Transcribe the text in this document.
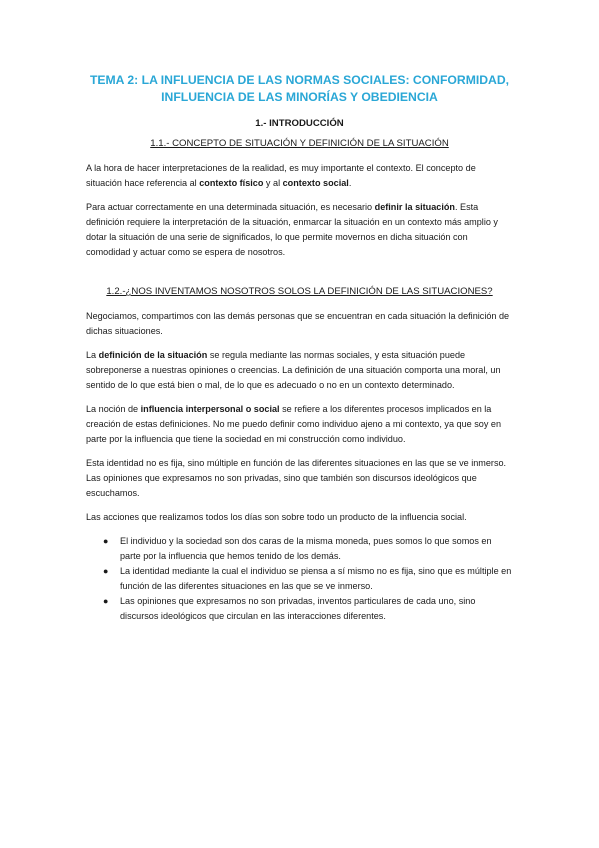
TEMA 2: LA INFLUENCIA DE LAS NORMAS SOCIALES: CONFORMIDAD,
INFLUENCIA DE LAS MINORÍAS Y OBEDIENCIA
1.- INTRODUCCIÓN
1.1.- CONCEPTO DE SITUACIÓN Y DEFINICIÓN DE LA SITUACIÓN

A la hora de hacer interpretaciones de la realidad, es muy importante el contexto. El concepto de situación hace referencia al contexto físico y al contexto social.

Para actuar correctamente en una determinada situación, es necesario definir la situación. Esta definición requiere la interpretación de la situación, enmarcar la situación en un contexto más amplio y dotar la situación de una serie de significados, lo que permite movernos en dicha situación con comodidad y actuar como se espera de nosotros.

1.2.-¿NOS INVENTAMOS NOSOTROS SOLOS LA DEFINICIÓN DE LAS SITUACIONES?

Negociamos, compartimos con las demás personas que se encuentran en cada situación la definición de dichas situaciones.

La definición de la situación se regula mediante las normas sociales, y esta situación puede sobreponerse a nuestras opiniones o creencias. La definición de una situación comporta una moral, un sentido de lo que está bien o mal, de lo que es adecuado o no en un contexto determinado.

La noción de influencia interpersonal o social se refiere a los diferentes procesos implicados en la creación de estas definiciones. No me puedo definir como individuo ajeno a mi contexto, ya que soy en parte por la influencia que tiene la sociedad en mi construcción como individuo.

Esta identidad no es fija, sino múltiple en función de las diferentes situaciones en las que se ve inmerso. Las opiniones que expresamos no son privadas, sino que también son discursos ideológicos que escuchamos.

Las acciones que realizamos todos los días son sobre todo un producto de la influencia social.

● El individuo y la sociedad son dos caras de la misma moneda, pues somos lo que somos en parte por la influencia que hemos tenido de los demás.
● La identidad mediante la cual el individuo se piensa a sí mismo no es fija, sino que es múltiple en función de las diferentes situaciones en las que se ve inmerso.
● Las opiniones que expresamos no son privadas, inventos particulares de cada uno, sino discursos ideológicos que circulan en las interacciones diferentes.
